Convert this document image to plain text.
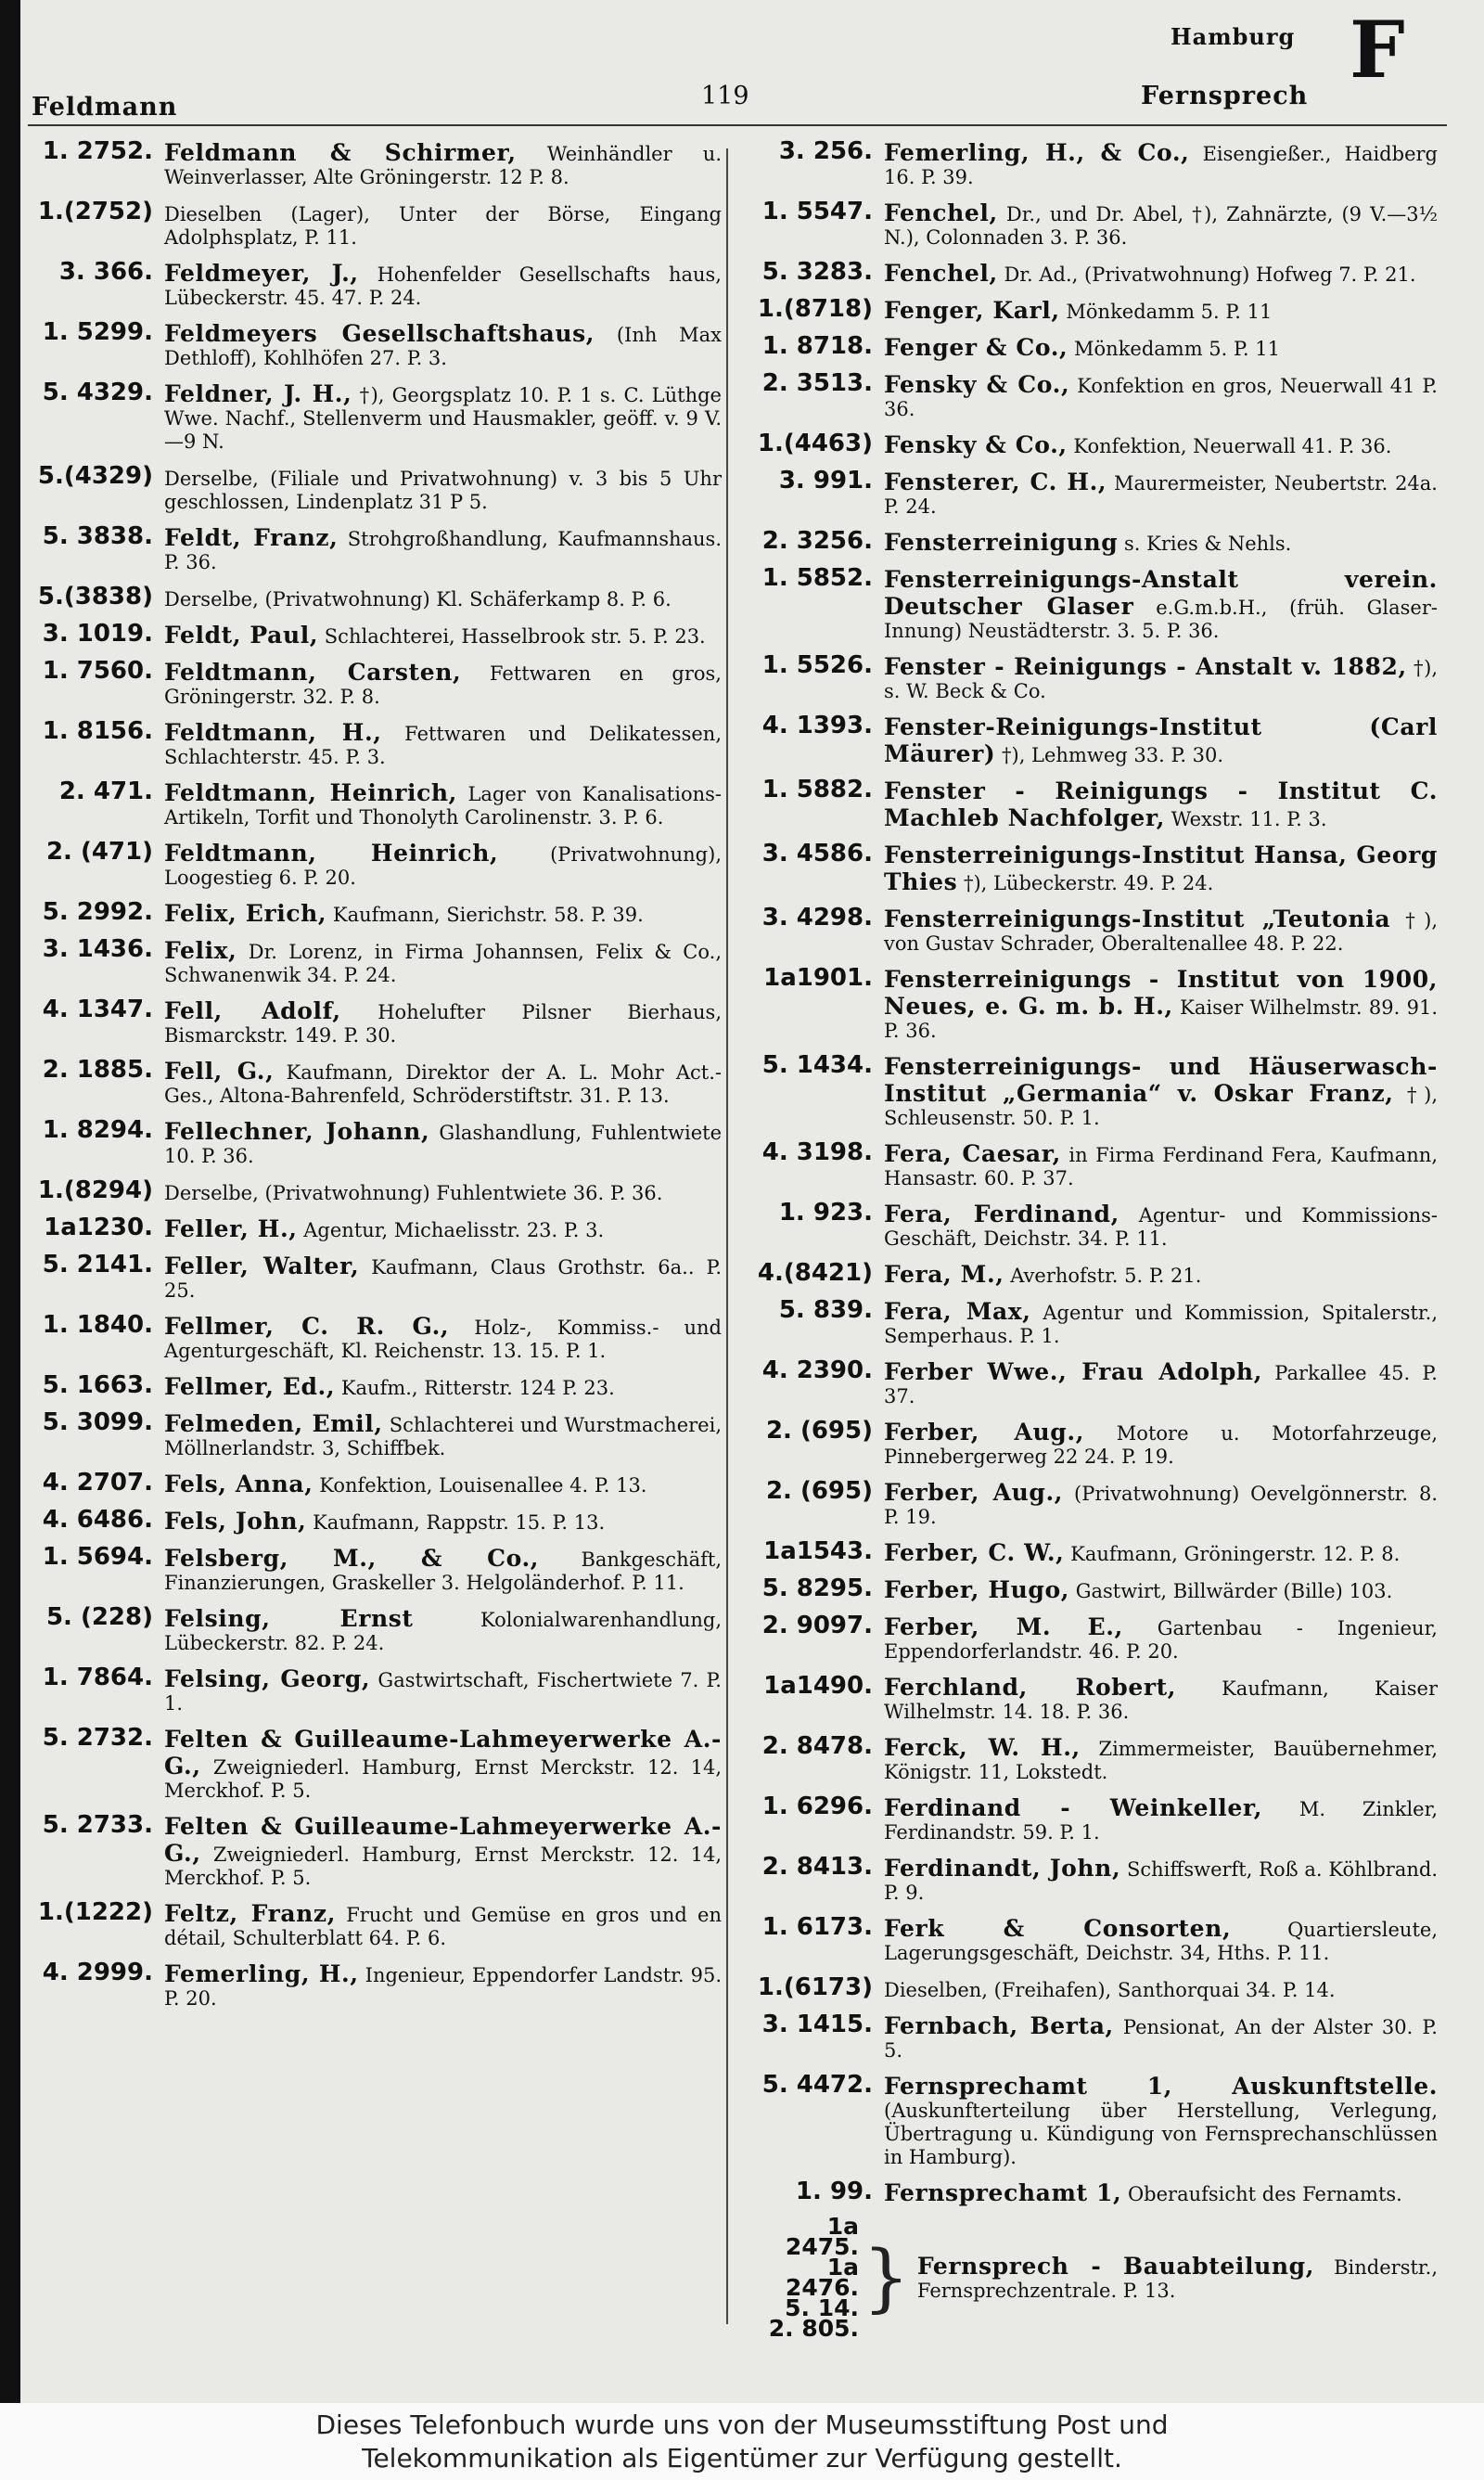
Feldmann	119
Hamburg
Fernsprech
F
1. 2752. Feldmann & Schirmer, Weinhändler u. Weinverlasser, Alte Gröningerstr. 12 P. 8.
1.(2752) Dieselben (Lager), Unter der Börse, Eingang Adolphsplatz, P. 11.
3. 366. Feldmeyer, J., Hohenfelder Gesellschafts haus, Lübeckerstr. 45. 47. P. 24.
1. 5299. Feldmeyers Gesellschaftshaus, (Inh Max Dethloff), Kohlhöfen 27. P. 3.
5. 4329. Feldner, J. H., †), Georgsplatz 10. P. 1 s. C. Lüthge Wwe. Nachf., Stellenverm und Hausmakler, geöff. v. 9 V.—9 N.
5.(4329) Derselbe, (Filiale und Privatwohnung) v. 3 bis 5 Uhr geschlossen, Lindenplatz 31 P 5.
5. 3838. Feldt, Franz, Strohgroßhandlung, Kaufmannshaus. P. 36.
5.(3838) Derselbe, (Privatwohnung) Kl. Schäferkamp 8. P. 6.
3. 1019. Feldt, Paul, Schlachterei, Hasselbrook str. 5. P. 23.
1. 7560. Feldtmann, Carsten, Fettwaren en gros, Gröningerstr. 32. P. 8.
1. 8156. Feldtmann, H., Fettwaren und Delikatessen, Schlachterstr. 45. P. 3.
2. 471. Feldtmann, Heinrich, Lager von Kanalisations-Artikeln, Torfit und Thonolyth Carolinenstr. 3. P. 6.
2. (471) Feldtmann, Heinrich, (Privatwohnung), Loogestieg 6. P. 20.
5. 2992. Felix, Erich, Kaufmann, Sierichstr. 58. P. 39.
3. 1436. Felix, Dr. Lorenz, in Firma Johannsen, Felix & Co., Schwanenwik 34. P. 24.
4. 1347. Fell, Adolf, Hohelufter Pilsner Bierhaus, Bismarckstr. 149. P. 30.
2. 1885. Fell, G., Kaufmann, Direktor der A. L. Mohr Act.-Ges., Altona-Bahrenfeld, Schröderstiftstr. 31. P. 13.
1. 8294. Fellechner, Johann, Glashandlung, Fuhlentwiete 10. P. 36.
1.(8294) Derselbe, (Privatwohnung) Fuhlentwiete 36. P. 36.
1a1230. Feller, H., Agentur, Michaelisstr. 23. P. 3.
5. 2141. Feller, Walter, Kaufmann, Claus Grothstr. 6a.. P. 25.
1. 1840. Fellmer, C. R. G., Holz-, Kommiss.- und Agenturgeschäft, Kl. Reichenstr. 13. 15. P. 1.
5. 1663. Fellmer, Ed., Kaufm., Ritterstr. 124 P. 23.
5. 3099. Felmeden, Emil, Schlachterei und Wurstmacherei, Möllnerlandstr. 3, Schiffbek.
4. 2707. Fels, Anna, Konfektion, Louisenallee 4. P. 13.
4. 6486. Fels, John, Kaufmann, Rappstr. 15. P. 13.
1. 5694. Felsberg, M., & Co., Bankgeschäft, Finanzierungen, Graskeller 3. Helgoländerhof. P. 11.
5. (228) Felsing, Ernst Kolonialwarenhandlung, Lübeckerstr. 82. P. 24.
1. 7864. Felsing, Georg, Gastwirtschaft, Fischertwiete 7. P. 1.
5. 2732. Felten & Guilleaume-Lahmeyerwerke A.-G., Zweigniederl. Hamburg, Ernst Merckstr. 12. 14, Merckhof. P. 5.
5. 2733. Felten & Guilleaume-Lahmeyerwerke A.-G., Zweigniederl. Hamburg, Ernst Merckstr. 12. 14, Merckhof. P. 5.
1.(1222) Feltz, Franz, Frucht und Gemüse en gros und en détail, Schulterblatt 64. P. 6.
4. 2999. Femerling, H., Ingenieur, Eppendorfer Landstr. 95. P. 20.
3. 256. Femerling, H., & Co., Eisengießer., Haidberg 16. P. 39.
1. 5547. Fenchel, Dr., und Dr. Abel, †), Zahnärzte, (9 V.—3½ N.), Colonnaden 3. P. 36.
5. 3283. Fenchel, Dr. Ad., (Privatwohnung) Hofweg 7. P. 21.
1.(8718) Fenger, Karl, Mönkedamm 5. P. 11
1. 8718. Fenger & Co., Mönkedamm 5. P. 11
2. 3513. Fensky & Co., Konfektion en gros, Neuerwall 41 P. 36.
1.(4463) Fensky & Co., Konfektion, Neuerwall 41. P. 36.
3. 991. Fensterer, C. H., Maurermeister, Neubertstr. 24a. P. 24.
2. 3256. Fensterreinigung s. Kries & Nehls.
1. 5852. Fensterreinigungs-Anstalt verein. Deutscher Glaser e.G.m.b.H., (früh. Glaser-Innung) Neustädterstr. 3. 5. P. 36.
1. 5526. Fenster - Reinigungs - Anstalt v. 1882, †), s. W. Beck & Co.
4. 1393. Fenster-Reinigungs-Institut (Carl Mäurer) †), Lehmweg 33. P. 30.
1. 5882. Fenster - Reinigungs - Institut C. Machleb Nachfolger, Wexstr. 11. P. 3.
3. 4586. Fensterreinigungs-Institut Hansa, Georg Thies †), Lübeckerstr. 49. P. 24.
3. 4298. Fensterreinigungs-Institut „Teutonia †), von Gustav Schrader, Oberaltenallee 48. P. 22.
1a1901. Fensterreinigungs - Institut von 1900, Neues, e. G. m. b. H., Kaiser Wilhelmstr. 89. 91. P. 36.
5. 1434. Fensterreinigungs- und Häuserwasch-Institut „Germania“ v. Oskar Franz, †), Schleusenstr. 50. P. 1.
4. 3198. Fera, Caesar, in Firma Ferdinand Fera, Kaufmann, Hansastr. 60. P. 37.
1. 923. Fera, Ferdinand, Agentur- und Kommissions-Geschäft, Deichstr. 34. P. 11.
4.(8421) Fera, M., Averhofstr. 5. P. 21.
5. 839. Fera, Max, Agentur und Kommission, Spitalerstr., Semperhaus. P. 1.
4. 2390. Ferber Wwe., Frau Adolph, Parkallee 45. P. 37.
2. (695) Ferber, Aug., Motore u. Motorfahrzeuge, Pinnebergerweg 22 24. P. 19.
2. (695) Ferber, Aug., (Privatwohnung) Oevelgönnerstr. 8. P. 19.
1a1543. Ferber, C. W., Kaufmann, Gröningerstr. 12. P. 8.
5. 8295. Ferber, Hugo, Gastwirt, Billwärder (Bille) 103.
2. 9097. Ferber, M. E., Gartenbau - Ingenieur, Eppendorferlandstr. 46. P. 20.
1a1490. Ferchland, Robert, Kaufmann, Kaiser Wilhelmstr. 14. 18. P. 36.
2. 8478. Ferck, W. H., Zimmermeister, Bauübernehmer, Königstr. 11, Lokstedt.
1. 6296. Ferdinand - Weinkeller, M. Zinkler, Ferdinandstr. 59. P. 1.
2. 8413. Ferdinandt, John, Schiffswerft, Roß a. Köhlbrand. P. 9.
1. 6173. Ferk & Consorten, Quartiersleute, Lagerungsgeschäft, Deichstr. 34, Hths. P. 11.
1.(6173) Dieselben, (Freihafen), Santhorquai 34. P. 14.
3. 1415. Fernbach, Berta, Pensionat, An der Alster 30. P. 5.
5. 4472. Fernsprechamt 1, Auskunftstelle. (Auskunfterteilung über Herstellung, Verlegung, Übertragung u. Kündigung von Fernsprechanschlüssen in Hamburg).
1. 99. Fernsprechamt 1, Oberaufsicht des Fernamts.
1a 2475.
1a 2476.
5. 14.
2. 805.
} Fernsprech - Bauabteilung, Binderstr., Fernsprechzentrale. P. 13.
Dieses Telefonbuch wurde uns von der Museumsstiftung Post und
Telekommunikation als Eigentümer zur Verfügung gestellt.
